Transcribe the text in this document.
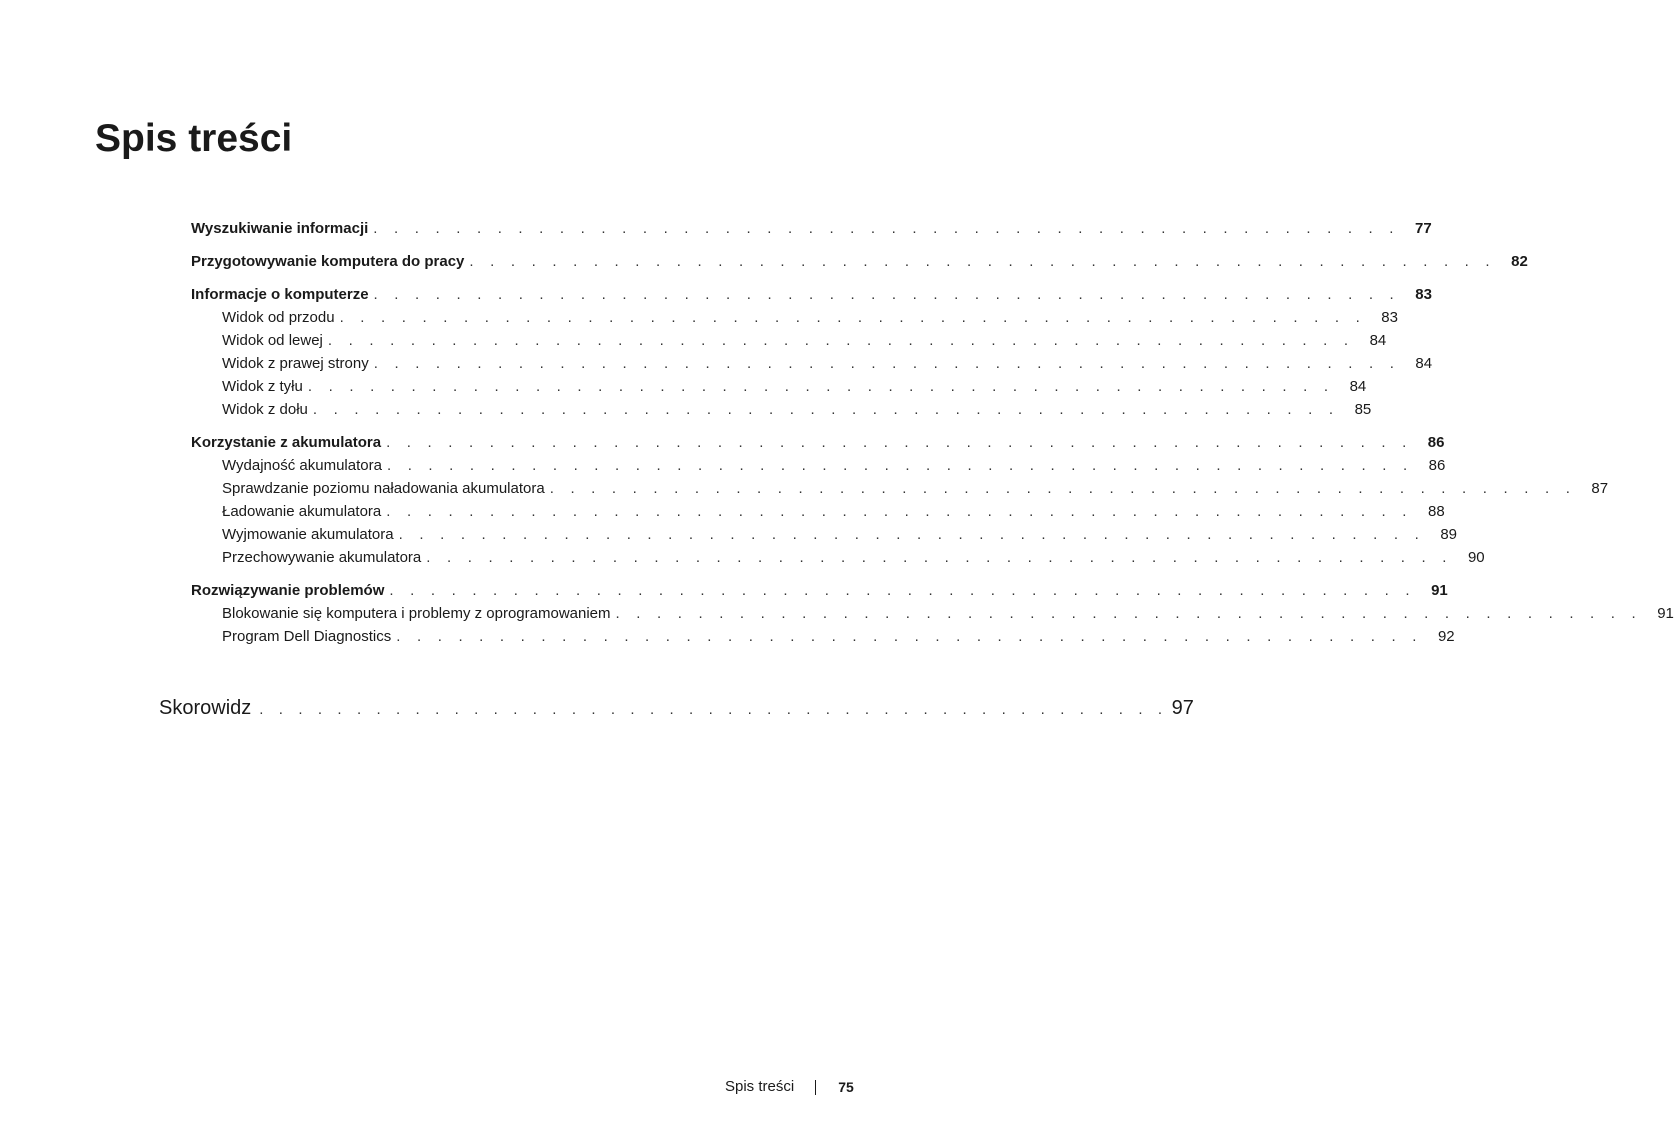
Spis treści
Wyszukiwanie informacji . . . . . . . . . . . . . . . . . . . . . . . . . . . . . . . . . . . . . . . . . . . . . . . . . .	77
Przygotowywanie komputera do pracy . . . . . . . . . . . . . . . . . . . . . . . . . . . . . . . . . . . . . . . . . . . . . . . . . .	82
Informacje o komputerze . . . . . . . . . . . . . . . . . . . . . . . . . . . . . . . . . . . . . . . . . . . . . . . . . .	83
Widok od przodu . . . . . . . . . . . . . . . . . . . . . . . . . . . . . . . . . . . . . . . . . . . . . . . . . .	83
Widok od lewej . . . . . . . . . . . . . . . . . . . . . . . . . . . . . . . . . . . . . . . . . . . . . . . . . .	84
Widok z prawej strony . . . . . . . . . . . . . . . . . . . . . . . . . . . . . . . . . . . . . . . . . . . . . . . . . .	84
Widok z tyłu . . . . . . . . . . . . . . . . . . . . . . . . . . . . . . . . . . . . . . . . . . . . . . . . . .	84
Widok z dołu . . . . . . . . . . . . . . . . . . . . . . . . . . . . . . . . . . . . . . . . . . . . . . . . . .	85
Korzystanie z akumulatora . . . . . . . . . . . . . . . . . . . . . . . . . . . . . . . . . . . . . . . . . . . . . . . . . .	86
Wydajność akumulatora . . . . . . . . . . . . . . . . . . . . . . . . . . . . . . . . . . . . . . . . . . . . . . . . . .	86
Sprawdzanie poziomu naładowania akumulatora . . . . . . . . . . . . . . . . . . . . . . . . . . . . . . . . . . . . . . . . . . . . . . . . . .	87
Ładowanie akumulatora . . . . . . . . . . . . . . . . . . . . . . . . . . . . . . . . . . . . . . . . . . . . . . . . . .	88
Wyjmowanie akumulatora . . . . . . . . . . . . . . . . . . . . . . . . . . . . . . . . . . . . . . . . . . . . . . . . . .	89
Przechowywanie akumulatora . . . . . . . . . . . . . . . . . . . . . . . . . . . . . . . . . . . . . . . . . . . . . . . . . .	90
Rozwiązywanie problemów . . . . . . . . . . . . . . . . . . . . . . . . . . . . . . . . . . . . . . . . . . . . . . . . . .	91
Blokowanie się komputera i problemy z oprogramowaniem . . . . . . . . . . . . . . . . . . . . . . . . . . . . . . . . . . . . . . . . . . . . . . . . . .	91
Program Dell Diagnostics . . . . . . . . . . . . . . . . . . . . . . . . . . . . . . . . . . . . . . . . . . . . . . . . . .	92
Skorowidz . . . . . . . . . . . . . . . . . . . . . . . . . . . . . . . . . . . . . . . . . . . . . . . 97
Spis treści	75
